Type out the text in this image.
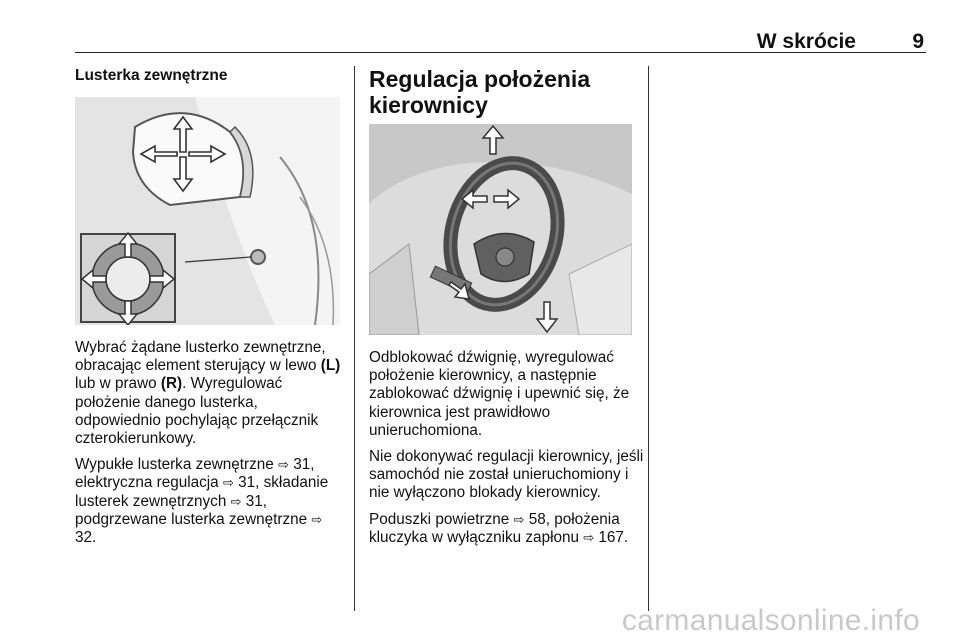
W skrócie	9
Lusterka zewnętrzne

Wybrać żądane lusterko zewnętrzne, obracając element sterujący w lewo (L) lub w prawo (R). Wyregulować położenie danego lusterka, odpowiednio pochylając przełącznik czterokierunkowy.

Wypukłe lusterka zewnętrzne ⇨ 31, elektryczna regulacja ⇨ 31, składanie lusterek zewnętrznych ⇨ 31, podgrzewane lusterka zewnętrzne ⇨ 32.

Regulacja położenia kierownicy

Odblokować dźwignię, wyregulować położenie kierownicy, a następnie zablokować dźwignię i upewnić się, że kierownica jest prawidłowo unieruchomiona.

Nie dokonywać regulacji kierownicy, jeśli samochód nie został unieruchomiony i nie wyłączono blokady kierownicy.

Poduszki powietrzne ⇨ 58, położenia kluczyka w wyłączniku zapłonu ⇨ 167.

carmanualsonline.info
